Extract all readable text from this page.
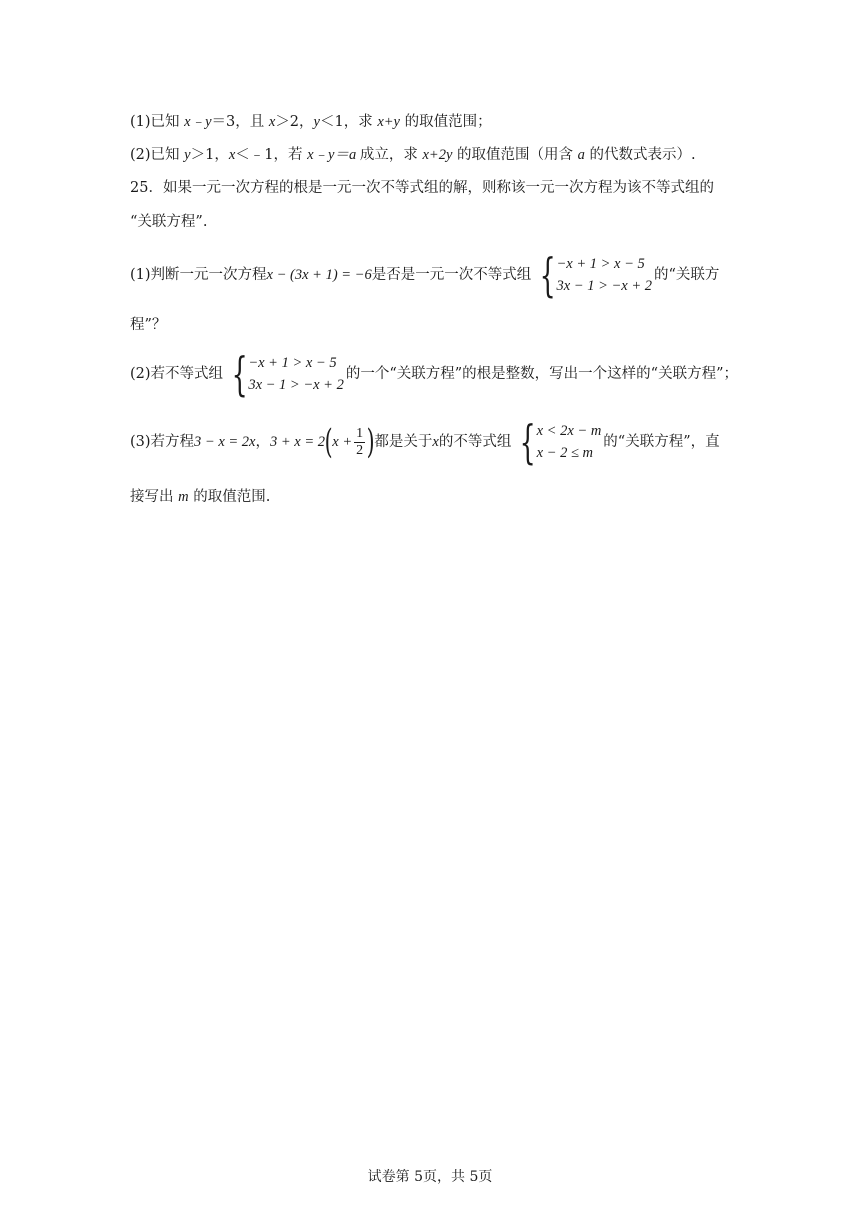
(1)已知 x﹣y＝3，且 x＞2，y＜1，求 x+y 的取值范围；
(2)已知 y＞1，x＜﹣1，若 x﹣y＝a 成立，求 x+2y 的取值范围（用含 a 的代数式表示）.
25．如果一元一次方程的根是一元一次不等式组的解，则称该一元一次方程为该不等式组的
“关联方程”.
(1)判断一元一次方程 x − (3x + 1) = −6 是否是一元一次不等式组 { −x + 1 > x − 5
3x − 1 > −x + 2
的“关联方
程”？
(2)若不等式组 { −x + 1 > x − 5
3x − 1 > −x + 2
的一个“关联方程”的根是整数，写出一个这样的“关联方程”；
(3)若方程 3 − x = 2x ， 3 + x = 2 ( $x + \frac{1}{2}$ ) 都是关于 x 的不等式组 { x < 2x − m
x − 2 ≤ m
的“关联方程”，直
接写出 m 的取值范围.
试卷第 5页，共 5页
